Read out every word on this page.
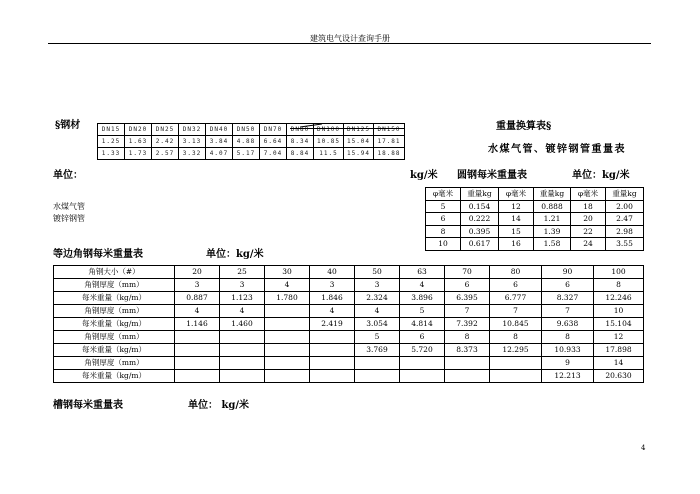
建筑电气设计查询手册
§钢材	重量换算表§
水煤气管、镀锌钢管重量表
DN15	DN20	DN25	DN32	DN40	DN50	DN70	DN80	DN100	DN125	DN150
1.25	1.63	2.42	3.13	3.84	4.88	6.64	8.34	10.85	15.04	17.81
1.33	1.73	2.57	3.32	4.07	5.17	7.04	8.84	11.5	15.94	18.88
单位：	kg/米
水煤气管
镀锌钢管
圆钢每米重量表	单位：kg/米
φ毫米	重量kg	φ毫米	重量kg	φ毫米	重量kg
5	0.154	12	0.888	18	2.00
6	0.222	14	1.21	20	2.47
8	0.395	15	1.39	22	2.98
10	0.617	16	1.58	24	3.55
等边角钢每米重量表	单位：kg/米
角钢大小（#）	20	25	30	40	50	63	70	80	90	100
角钢厚度（mm）	3	3	4	3	3	4	6	6	6	8
每米重量（kg/m）	0.887	1.123	1.780	1.846	2.324	3.896	6.395	6.777	8.327	12.246
角钢厚度（mm）	4	4		4	4	5	7	7	7	10
每米重量（kg/m）	1.146	1.460		2.419	3.054	4.814	7.392	10.845	9.638	15.104
角钢厚度（mm）					5	6	8	8	8	12
每米重量（kg/m）					3.769	5.720	8.373	12.295	10.933	17.898
角钢厚度（mm）									9	14
每米重量（kg/m）									12.213	20.630
槽钢每米重量表	单位： kg/米
4
